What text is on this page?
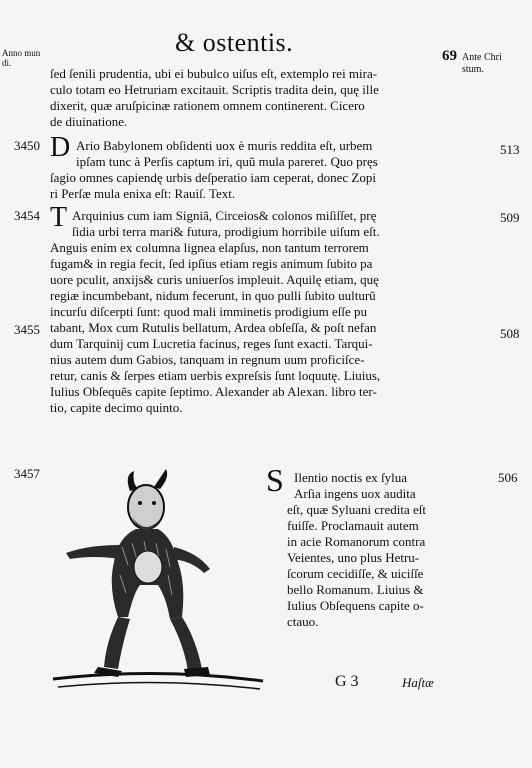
Anno mun
di.
& ostentis.	69 Ante Chri
stum.
ſed ſenili prudentia, ubi ei bubulco uiſus eſt, extemplo rei mira-
culo totam eo Hetruriam excitauit. Scriptis tradita dein, quę ille
dixerit, quæ aruſpicinæ rationem omnem continerent. Cicero
de diuinatione.
3450	513
D Ario Babylonem obſidenti uox è muris reddita eſt, urbem
ipſam tunc à Perſis captum iri, quũ mula pareret. Quo pręs
ſagio omnes capiendę urbis deſperatio iam ceperat, donec Zopi
ri Perſæ mula enixa eſt: Rauiſ. Text.
3454	509
T Arquinius cum iam Signiã, Circeios& colonos miſiſſet, prę
ſidia urbi terra mari& futura, prodigium horribile uiſum eſt.
Anguis enim ex columna lignea elapſus, non tantum terrorem
fugam& in regia fecit, ſed ipſius etiam regis animum ſubito pa
uore pculit, anxijs& curis uniuerſos impleuit. Aquilę etiam, quę
regiæ incumbebant, nidum fecerunt, in quo pulli ſubito uulturũ
incurſu diſcerpti ſunt: quod mali imminetis prodigium eſſe pu
3455	508
tabant, Mox cum Rutulis bellatum, Ardea obſeſſa, & poſt nefan
dum Tarquinij cum Lucretia facinus, reges ſunt exacti. Tarqui-
nius autem dum Gabios, tanquam in regnum uum proficiſce-
retur, canis & ſerpes etiam uerbis expreſsis ſunt loquutę. Liuius,
Iulius Obſequẽs capite ſeptimo. Alexander ab Alexan. libro ter-
tio, capite decimo quinto.
3457	506
S Ilentio noctis ex ſylua
Arſia ingens uox audita
eſt, quæ Syluani credita eſt
fuiſſe. Proclamauit autem
in acie Romanorum contra
Veientes, uno plus Hetru-
ſcorum cecidiſſe, & uiciſſe
bello Romanum. Liuius &
Iulius Obſequens capite o-
ctauo.
G 3	Haſtæ
